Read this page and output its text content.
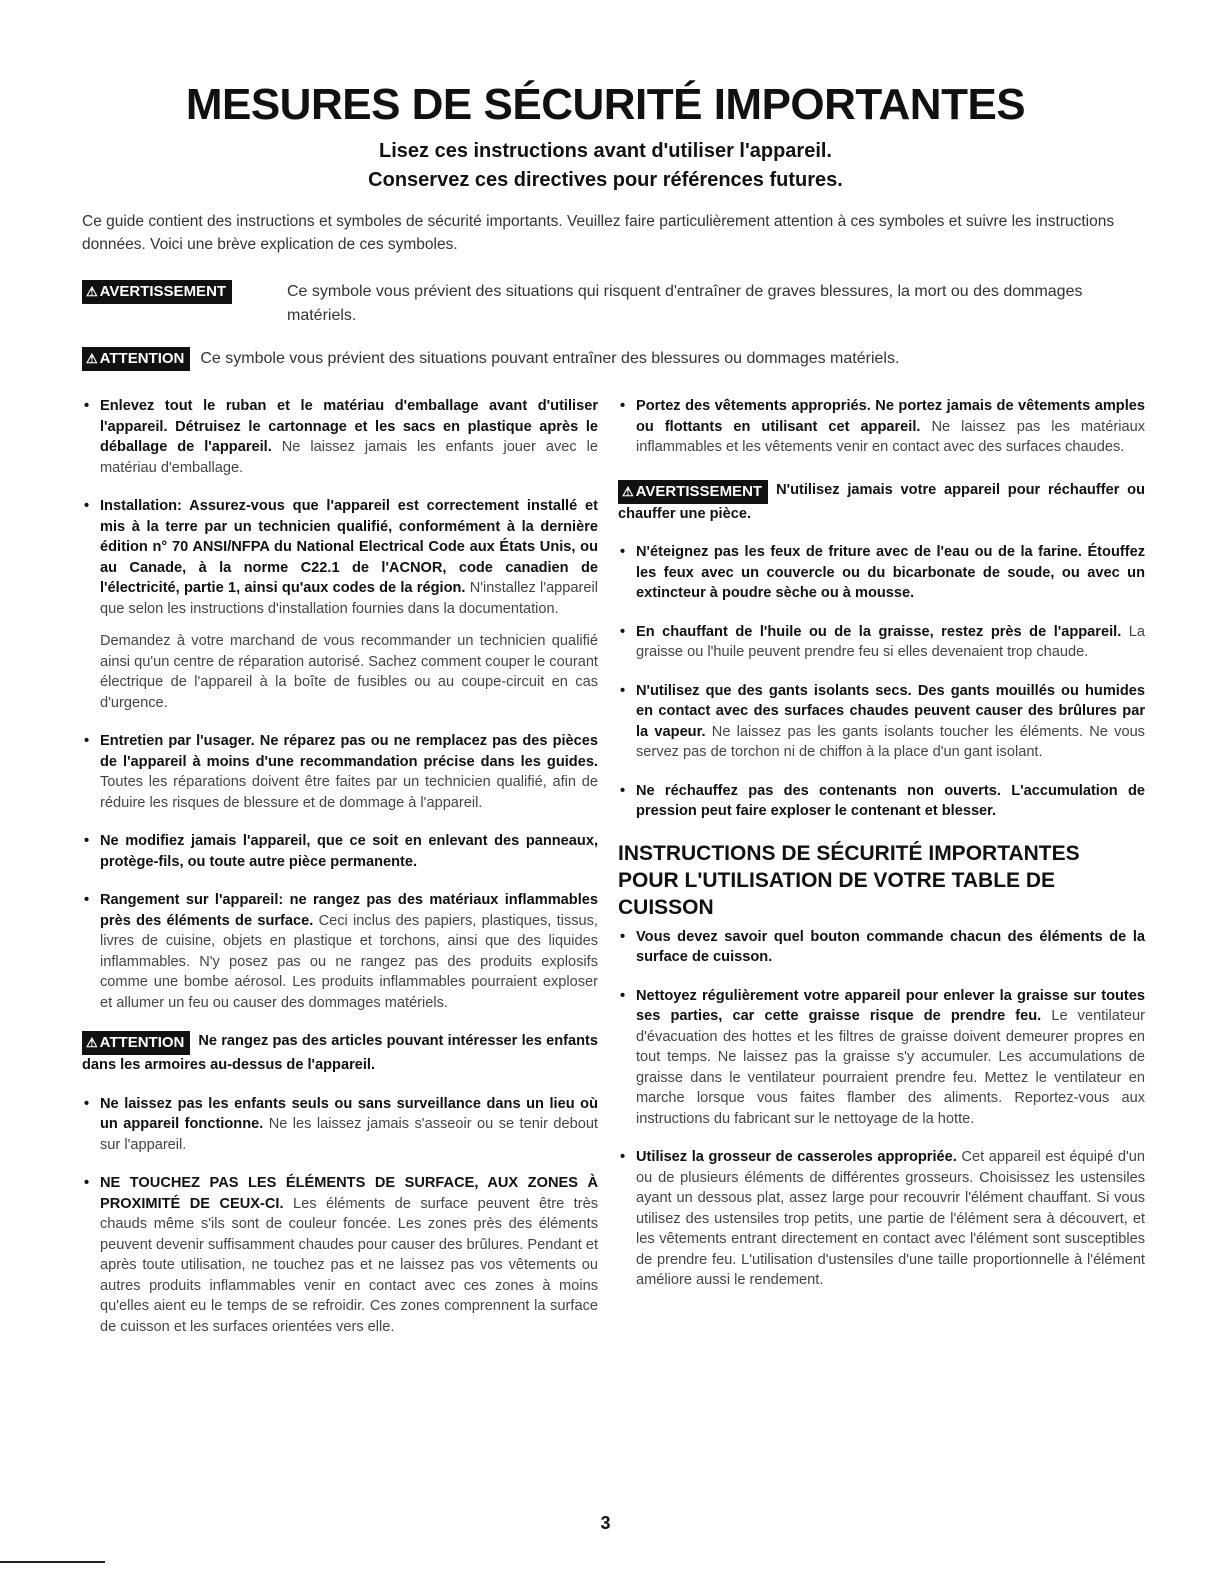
MESURES DE SÉCURITÉ IMPORTANTES
Lisez ces instructions avant d'utiliser l'appareil.
Conservez ces directives pour références futures.
Ce guide contient des instructions et symboles de sécurité importants. Veuillez faire particulièrement attention à ces symboles et suivre les instructions données. Voici une brève explication de ces symboles.
⚠ AVERTISSEMENT	Ce symbole vous prévient des situations qui risquent d'entraîner de graves blessures, la mort ou des dommages matériels.
⚠ ATTENTION Ce symbole vous prévient des situations pouvant entraîner des blessures ou dommages matériels.
• Enlevez tout le ruban et le matériau d'emballage avant d'utiliser l'appareil. Détruisez le cartonnage et les sacs en plastique après le déballage de l'appareil. Ne laissez jamais les enfants jouer avec le matériau d'emballage.
• Installation: Assurez-vous que l'appareil est correctement installé et mis à la terre par un technicien qualifié, conformément à la dernière édition n° 70 ANSI/NFPA du National Electrical Code aux États Unis, ou au Canade, à la norme C22.1 de l'ACNOR, code canadien de l'électricité, partie 1, ainsi qu'aux codes de la région. N'installez l'appareil que selon les instructions d'installation fournies dans la documentation.
Demandez à votre marchand de vous recommander un technicien qualifié ainsi qu'un centre de réparation autorisé. Sachez comment couper le courant électrique de l'appareil à la boîte de fusibles ou au coupe-circuit en cas d'urgence.
• Entretien par l'usager. Ne réparez pas ou ne remplacez pas des pièces de l'appareil à moins d'une recommandation précise dans les guides. Toutes les réparations doivent être faites par un technicien qualifié, afin de réduire les risques de blessure et de dommage à l'appareil.
• Ne modifiez jamais l'appareil, que ce soit en enlevant des panneaux, protège-fils, ou toute autre pièce permanente.
• Rangement sur l'appareil: ne rangez pas des matériaux inflammables près des éléments de surface. Ceci inclus des papiers, plastiques, tissus, livres de cuisine, objets en plastique et torchons, ainsi que des liquides inflammables. N'y posez pas ou ne rangez pas des produits explosifs comme une bombe aérosol. Les produits inflammables pourraient exploser et allumer un feu ou causer des dommages matériels.
⚠ ATTENTION Ne rangez pas des articles pouvant intéresser les enfants dans les armoires au-dessus de l'appareil.
• Ne laissez pas les enfants seuls ou sans surveillance dans un lieu où un appareil fonctionne. Ne les laissez jamais s'asseoir ou se tenir debout sur l'appareil.
• NE TOUCHEZ PAS LES ÉLÉMENTS DE SURFACE, AUX ZONES À PROXIMITÉ DE CEUX-CI. Les éléments de surface peuvent être très chauds même s'ils sont de couleur foncée. Les zones près des éléments peuvent devenir suffisamment chaudes pour causer des brûlures. Pendant et après toute utilisation, ne touchez pas et ne laissez pas vos vêtements ou autres produits inflammables venir en contact avec ces zones à moins qu'elles aient eu le temps de se refroidir. Ces zones comprennent la surface de cuisson et les surfaces orientées vers elle.
• Portez des vêtements appropriés. Ne portez jamais de vêtements amples ou flottants en utilisant cet appareil. Ne laissez pas les matériaux inflammables et les vêtements venir en contact avec des surfaces chaudes.
⚠ AVERTISSEMENT N'utilisez jamais votre appareil pour réchauffer ou chauffer une pièce.
• N'éteignez pas les feux de friture avec de l'eau ou de la farine. Étouffez les feux avec un couvercle ou du bicarbonate de soude, ou avec un extincteur à poudre sèche ou à mousse.
• En chauffant de l'huile ou de la graisse, restez près de l'appareil. La graisse ou l'huile peuvent prendre feu si elles devenaient trop chaude.
• N'utilisez que des gants isolants secs. Des gants mouillés ou humides en contact avec des surfaces chaudes peuvent causer des brûlures par la vapeur. Ne laissez pas les gants isolants toucher les éléments. Ne vous servez pas de torchon ni de chiffon à la place d'un gant isolant.
• Ne réchauffez pas des contenants non ouverts. L'accumulation de pression peut faire exploser le contenant et blesser.
INSTRUCTIONS DE SÉCURITÉ IMPORTANTES POUR L'UTILISATION DE VOTRE TABLE DE CUISSON
• Vous devez savoir quel bouton commande chacun des éléments de la surface de cuisson.
• Nettoyez régulièrement votre appareil pour enlever la graisse sur toutes ses parties, car cette graisse risque de prendre feu. Le ventilateur d'évacuation des hottes et les filtres de graisse doivent demeurer propres en tout temps. Ne laissez pas la graisse s'y accumuler. Les accumulations de graisse dans le ventilateur pourraient prendre feu. Mettez le ventilateur en marche lorsque vous faites flamber des aliments. Reportez-vous aux instructions du fabricant sur le nettoyage de la hotte.
• Utilisez la grosseur de casseroles appropriée. Cet appareil est équipé d'un ou de plusieurs éléments de différentes grosseurs. Choisissez les ustensiles ayant un dessous plat, assez large pour recouvrir l'élément chauffant. Si vous utilisez des ustensiles trop petits, une partie de l'élément sera à découvert, et les vêtements entrant directement en contact avec l'élément sont susceptibles de prendre feu. L'utilisation d'ustensiles d'une taille proportionnelle à l'élément améliore aussi le rendement.
3
